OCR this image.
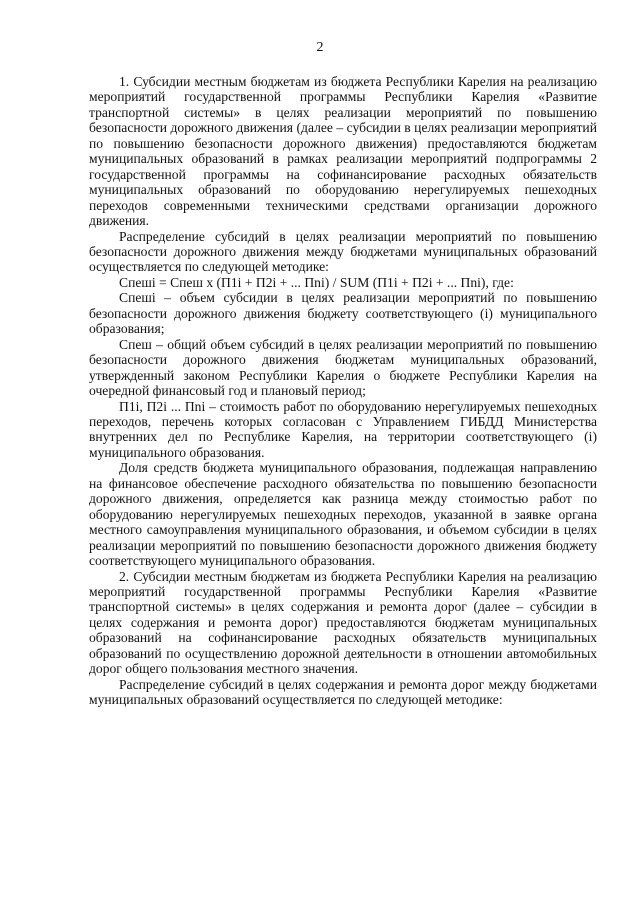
2

1. Субсидии местным бюджетам из бюджета Республики Карелия на реализацию мероприятий государственной программы Республики Карелия «Развитие транспортной системы» в целях реализации мероприятий по повышению безопасности дорожного движения (далее – субсидии в целях реализации мероприятий по повышению безопасности дорожного движения) предоставляются бюджетам муниципальных образований в рамках реализации мероприятий подпрограммы 2 государственной программы на софинансирование расходных обязательств муниципальных образований по оборудованию нерегулируемых пешеходных переходов современными техническими средствами организации дорожного движения.

Распределение субсидий в целях реализации мероприятий по повышению безопасности дорожного движения между бюджетами муниципальных образований осуществляется по следующей методике:

Спешi = Спеш x (П1i + П2i + ... Пni) / SUM (П1i + П2i + ... Пni), где:

Спешi – объем субсидии в целях реализации мероприятий по повышению безопасности дорожного движения бюджету соответствующего (i) муниципального образования;

Спеш – общий объем субсидий в целях реализации мероприятий по повышению безопасности дорожного движения бюджетам муниципальных образований, утвержденный законом Республики Карелия о бюджете Республики Карелия на очередной финансовый год и плановый период;

П1i, П2i ... Пni – стоимость работ по оборудованию нерегулируемых пешеходных переходов, перечень которых согласован с Управлением ГИБДД Министерства внутренних дел по Республике Карелия, на территории соответствующего (i) муниципального образования.

Доля средств бюджета муниципального образования, подлежащая направлению на финансовое обеспечение расходного обязательства по повышению безопасности дорожного движения, определяется как разница между стоимостью работ по оборудованию нерегулируемых пешеходных переходов, указанной в заявке органа местного самоуправления муниципального образования, и объемом субсидии в целях реализации мероприятий по повышению безопасности дорожного движения бюджету соответствующего муниципального образования.

2. Субсидии местным бюджетам из бюджета Республики Карелия на реализацию мероприятий государственной программы Республики Карелия «Развитие транспортной системы» в целях содержания и ремонта дорог (далее – субсидии в целях содержания и ремонта дорог) предоставляются бюджетам муниципальных образований на софинансирование расходных обязательств муниципальных образований по осуществлению дорожной деятельности в отношении автомобильных дорог общего пользования местного значения.

Распределение субсидий в целях содержания и ремонта дорог между бюджетами муниципальных образований осуществляется по следующей методике:
